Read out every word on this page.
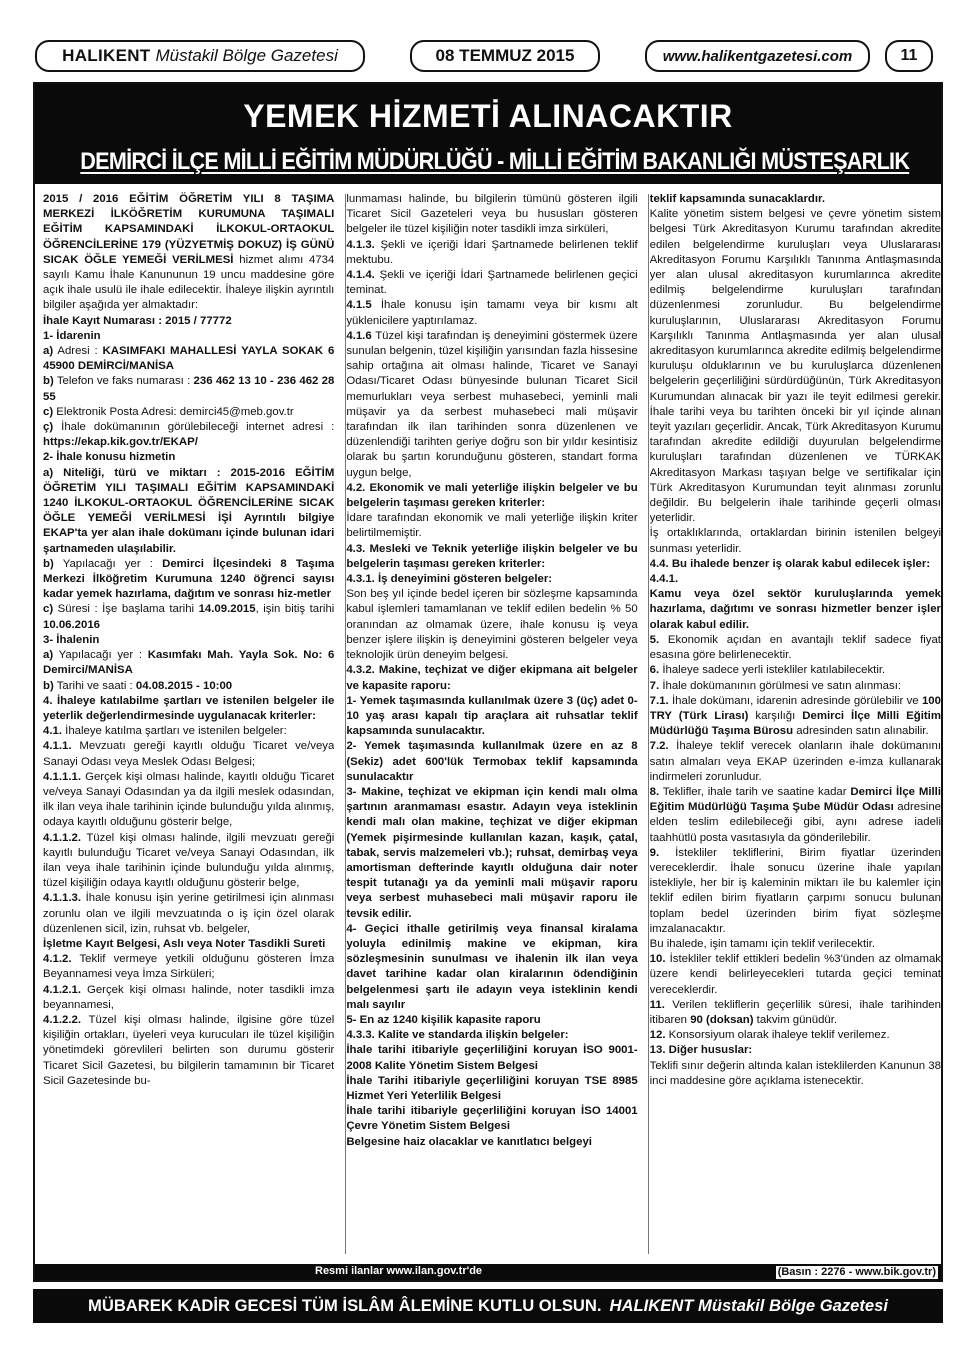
HALIKENT Müstakil Bölge Gazetesi	08 TEMMUZ 2015	www.halikentgazetesi.com	11
YEMEK HİZMETİ ALINACAKTIR
DEMİRCİ İLÇE MİLLİ EĞİTİM MÜDÜRLÜĞÜ - MİLLİ EĞİTİM BAKANLIĞI MÜSTEŞARLIK

2015 / 2016 EĞİTİM ÖĞRETİM YILI 8 TAŞIMA MERKEZİ İLKÖĞRETİM KURUMUNA TAŞIMALI EĞİTİM KAPSAMINDAKİ İLKOKUL-ORTAOKUL ÖĞRENCİLERİNE 179 (YÜZYETMİŞ DOKUZ) İŞ GÜNÜ SICAK ÖĞLE YEMEĞİ VERİLMESİ hizmet alımı 4734 sayılı Kamu İhale Kanununun 19 uncu maddesine göre açık ihale usulü ile ihale edilecektir. İhaleye ilişkin ayrıntılı bilgiler aşağıda yer almaktadır:

İhale Kayıt Numarası : 2015 / 77772

1- İdarenin

a) Adresi : KASIMFAKI MAHALLESİ YAYLA SOKAK 6 45900 DEMİRCİ/MANİSA

b) Telefon ve faks numarası : 236 462 13 10 - 236 462 28 55

c) Elektronik Posta Adresi: demirci45@meb.gov.tr

ç) İhale dokümanının görülebileceği internet adresi : https://ekap.kik.gov.tr/EKAP/

2- İhale konusu hizmetin

a) Niteliği, türü ve miktarı : 2015-2016 EĞİTİM ÖĞRETİM YILI TAŞIMALI EĞİTİM KAPSAMINDAKİ 1240 İLKOKUL-ORTAOKUL ÖĞRENCİLERİNE SICAK ÖĞLE YEMEĞİ VERİLMESİ İŞİ Ayrıntılı bilgiye EKAP'ta yer alan ihale dokümanı içinde bulunan idari şartnameden ulaşılabilir.

b) Yapılacağı yer : Demirci İlçesindeki 8 Taşıma Merkezi İlköğretim Kurumuna 1240 öğrenci sayısı kadar yemek hazırlama, dağıtım ve sonrası hiz-metler

c) Süresi : İşe başlama tarihi 14.09.2015, işin bitiş tarihi 10.06.2016

3- İhalenin

a) Yapılacağı yer : Kasımfakı Mah. Yayla Sok. No: 6 Demirci/MANİSA

b) Tarihi ve saati : 04.08.2015 - 10:00

4. İhaleye katılabilme şartları ve istenilen belgeler ile yeterlik değerlendirmesinde uygulanacak kriterler:

4.1. İhaleye katılma şartları ve istenilen belgeler:

4.1.1. Mevzuatı gereği kayıtlı olduğu Ticaret ve/veya Sanayi Odası veya Meslek Odası Belgesi;

4.1.1.1. Gerçek kişi olması halinde, kayıtlı olduğu Ticaret ve/veya Sanayi Odasından ya da ilgili meslek odasından, ilk ilan veya ihale tarihinin içinde bulunduğu yılda alınmış, odaya kayıtlı olduğunu gösterir belge,

4.1.1.2. Tüzel kişi olması halinde, ilgili mevzuatı gereği kayıtlı bulunduğu Ticaret ve/veya Sanayi Odasından, ilk ilan veya ihale tarihinin içinde bulunduğu yılda alınmış, tüzel kişiliğin odaya kayıtlı olduğunu gösterir belge,

4.1.1.3. İhale konusu işin yerine getirilmesi için alınması zorunlu olan ve ilgili mevzuatında o iş için özel olarak düzenlenen sicil, izin, ruhsat vb. belgeler,

İşletme Kayıt Belgesi, Aslı veya Noter Tasdikli Sureti

4.1.2. Teklif vermeye yetkili olduğunu gösteren İmza Beyannamesi veya İmza Sirküleri;

4.1.2.1. Gerçek kişi olması halinde, noter tasdikli imza beyannamesi,

4.1.2.2. Tüzel kişi olması halinde, ilgisine göre tüzel kişiliğin ortakları, üyeleri veya kurucuları ile tüzel kişiliğin yönetimdeki görevlileri belirten son durumu gösterir Ticaret Sicil Gazetesi, bu bilgilerin tamamının bir Ticaret Sicil Gazetesinde bu-

lunmaması halinde, bu bilgilerin tümünü gösteren ilgili Ticaret Sicil Gazeteleri veya bu hususları gösteren belgeler ile tüzel kişiliğin noter tasdikli imza sirküleri,

4.1.3. Şekli ve içeriği İdari Şartnamede belirlenen teklif mektubu.

4.1.4. Şekli ve içeriği İdari Şartnamede belirlenen geçici teminat.

4.1.5 İhale konusu işin tamamı veya bir kısmı alt yüklenicilere yaptırılamaz.

4.1.6 Tüzel kişi tarafından iş deneyimini göstermek üzere sunulan belgenin, tüzel kişiliğin yarısından fazla hissesine sahip ortağına ait olması halinde, Ticaret ve Sanayi Odası/Ticaret Odası bünyesinde bulunan Ticaret Sicil memurlukları veya serbest muhasebeci, yeminli mali müşavir ya da serbest muhasebeci mali müşavir tarafından ilk ilan tarihinden sonra düzenlenen ve düzenlendiği tarihten geriye doğru son bir yıldır kesintisiz olarak bu şartın korunduğunu gösteren, standart forma uygun belge,

4.2. Ekonomik ve mali yeterliğe ilişkin belgeler ve bu belgelerin taşıması gereken kriterler:

İdare tarafından ekonomik ve mali yeterliğe ilişkin kriter belirtilmemiştir.

4.3. Mesleki ve Teknik yeterliğe ilişkin belgeler ve bu belgelerin taşıması gereken kriterler:

4.3.1. İş deneyimini gösteren belgeler:

Son beş yıl içinde bedel içeren bir sözleşme kapsamında kabul işlemleri tamamlanan ve teklif edilen bedelin % 50 oranından az olmamak üzere, ihale konusu iş veya benzer işlere ilişkin iş deneyimini gösteren belgeler veya teknolojik ürün deneyim belgesi.

4.3.2. Makine, teçhizat ve diğer ekipmana ait belgeler ve kapasite raporu:

1- Yemek taşımasında kullanılmak üzere 3 (üç) adet 0-10 yaş arası kapalı tip araçlara ait ruhsatlar teklif kapsamında sunulacaktır.

2- Yemek taşımasında kullanılmak üzere en az 8 (Sekiz) adet 600'lük Termobax teklif kapsamında sunulacaktır

3- Makine, teçhizat ve ekipman için kendi malı olma şartının aranmaması esastır. Adayın veya isteklinin kendi malı olan makine, teçhizat ve diğer ekipman (Yemek pişirmesinde kullanılan kazan, kaşık, çatal, tabak, servis malzemeleri vb.); ruhsat, demirbaş veya amortisman defterinde kayıtlı olduğuna dair noter tespit tutanağı ya da yeminli mali müşavir raporu veya serbest muhasebeci mali müşavir raporu ile tevsik edilir.

4- Geçici ithalle getirilmiş veya finansal kiralama yoluyla edinilmiş makine ve ekipman, kira sözleşmesinin sunulması ve ihalenin ilk ilan veya davet tarihine kadar olan kiralarının ödendiğinin belgelenmesi şartı ile adayın veya isteklinin kendi malı sayılır

5- En az 1240 kişilik kapasite raporu

4.3.3. Kalite ve standarda ilişkin belgeler:

İhale tarihi itibariyle geçerliliğini koruyan İSO 9001-2008 Kalite Yönetim Sistem Belgesi

İhale Tarihi itibariyle geçerliliğini koruyan TSE 8985 Hizmet Yeri Yeterlilik Belgesi

İhale tarihi itibariyle geçerliliğini koruyan İSO 14001 Çevre Yönetim Sistem Belgesi

Belgesine haiz olacaklar ve kanıtlatıcı belgeyi

teklif kapsamında sunacaklardır.

Kalite yönetim sistem belgesi ve çevre yönetim sistem belgesi Türk Akreditasyon Kurumu tarafından akredite edilen belgelendirme kuruluşları veya Uluslararası Akreditasyon Forumu Karşılıklı Tanınma Antlaşmasında yer alan ulusal akreditasyon kurumlarınca akredite edilmiş belgelendirme kuruluşları tarafından düzenlenmesi zorunludur. Bu belgelendirme kuruluşlarının, Uluslararası Akreditasyon Forumu Karşılıklı Tanınma Antlaşmasında yer alan ulusal akreditasyon kurumlarınca akredite edilmiş belgelendirme kuruluşu olduklarının ve bu kuruluşlarca düzenlenen belgelerin geçerliliğini sürdürdüğünün, Türk Akreditasyon Kurumundan alınacak bir yazı ile teyit edilmesi gerekir. İhale tarihi veya bu tarihten önceki bir yıl içinde alınan teyit yazıları geçerlidir. Ancak, Türk Akreditasyon Kurumu tarafından akredite edildiği duyurulan belgelendirme kuruluşları tarafından düzenlenen ve TÜRKAK Akreditasyon Markası taşıyan belge ve sertifikalar için Türk Akreditasyon Kurumundan teyit alınması zorunlu değildir. Bu belgelerin ihale tarihinde geçerli olması yeterlidir.

İş ortaklıklarında, ortaklardan birinin istenilen belgeyi sunması yeterlidir.

4.4. Bu ihalede benzer iş olarak kabul edilecek işler:

4.4.1.

Kamu veya özel sektör kuruluşlarında yemek hazırlama, dağıtımı ve sonrası hizmetler benzer işler olarak kabul edilir.

5. Ekonomik açıdan en avantajlı teklif sadece fiyat esasına göre belirlenecektir.

6. İhaleye sadece yerli istekliler katılabilecektir.

7. İhale dokümanının görülmesi ve satın alınması:

7.1. İhale dokümanı, idarenin adresinde görülebilir ve 100 TRY (Türk Lirası) karşılığı Demirci İlçe Milli Eğitim Müdürlüğü Taşıma Bürosu adresinden satın alınabilir.

7.2. İhaleye teklif verecek olanların ihale dokümanını satın almaları veya EKAP üzerinden e-imza kullanarak indirmeleri zorunludur.

8. Teklifler, ihale tarih ve saatine kadar Demirci İlçe Milli Eğitim Müdürlüğü Taşıma Şube Müdür Odası adresine elden teslim edilebileceği gibi, aynı adrese iadeli taahhütlü posta vasıtasıyla da gönderilebilir.

9. İstekliler tekliflerini, Birim fiyatlar üzerinden vereceklerdir. İhale sonucu üzerine ihale yapılan istekliyle, her bir iş kaleminin miktarı ile bu kalemler için teklif edilen birim fiyatların çarpımı sonucu bulunan toplam bedel üzerinden birim fiyat sözleşme imzalanacaktır.

Bu ihalede, işin tamamı için teklif verilecektir.

10. İstekliler teklif ettikleri bedelin %3'ünden az olmamak üzere kendi belirleyecekleri tutarda geçici teminat vereceklerdir.

11. Verilen tekliflerin geçerlilik süresi, ihale tarihinden itibaren 90 (doksan) takvim günüdür.

12. Konsorsiyum olarak ihaleye teklif verilemez.

13. Diğer hususlar:

Teklifi sınır değerin altında kalan isteklilerden Kanunun 38 inci maddesine göre açıklama istenecektir.

Resmi ilanlar www.ilan.gov.tr'de	(Basın : 2276 - www.bik.gov.tr)
MÜBAREK KADİR GECESİ TÜM İSLÂM ÂLEMİNE KUTLU OLSUN. HALIKENT Müstakil Bölge Gazetesi
